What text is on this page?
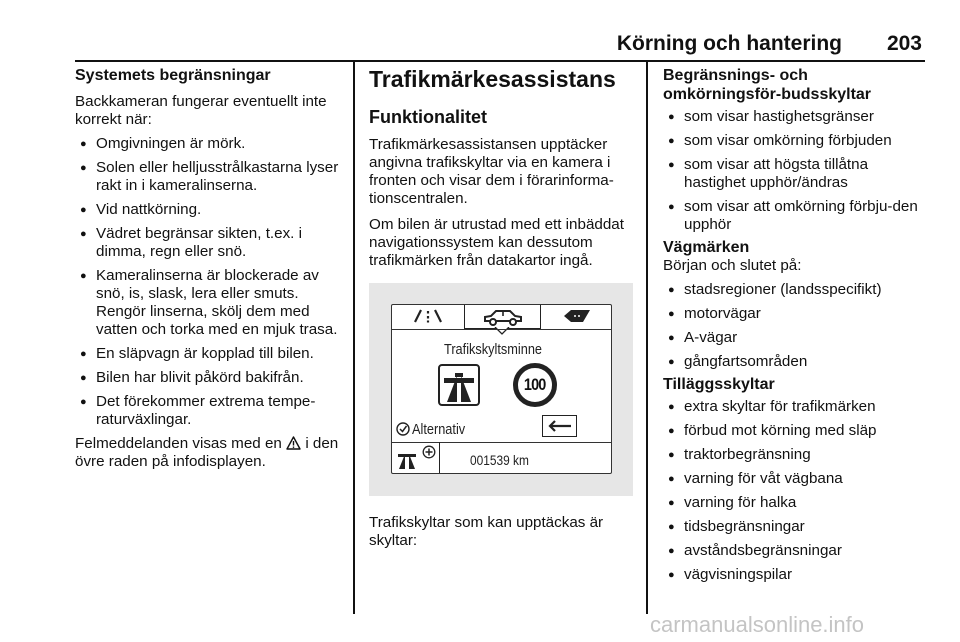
Körning och hantering 203
Systemets begränsningar

Backkameran fungerar eventuellt inte korrekt när:

● Omgivningen är mörk.
● Solen eller helljusstrålkastarna lyser rakt in i kameralinserna.
● Vid nattkörning.
● Vädret begränsar sikten, t.ex. i dimma, regn eller snö.
● Kameralinserna är blockerade av snö, is, slask, lera eller smuts. Rengör linserna, skölj dem med vatten och torka med en mjuk trasa.
● En släpvagn är kopplad till bilen.
● Bilen har blivit påkörd bakifrån.
● Det förekommer extrema tempe-raturväxlingar.

Felmeddelanden visas med en i den övre raden på infodisplayen.

Trafikmärkesassistans
Funktionalitet

Trafikmärkesassistansen upptäcker angivna trafikskyltar via en kamera i fronten och visar dem i förarinforma-tionscentralen.

Om bilen är utrustad med ett inbäddat navigationssystem kan dessutom trafikmärken från datakartor ingå.

Trafikskyltsminne
100
Alternativ
001539 km

Trafikskyltar som kan upptäckas är skyltar:

Begränsnings- och omkörningsför-budsskyltar
● som visar hastighetsgränser
● som visar omkörning förbjuden
● som visar att högsta tillåtna hastighet upphör/ändras
● som visar att omkörning förbju-den upphör
Vägmärken

Början och slutet på:

● stadsregioner (landsspecifikt)
● motorvägar
● A-vägar
● gångfartsområden
Tilläggsskyltar
● extra skyltar för trafikmärken
● förbud mot körning med släp
● traktorbegränsning
● varning för våt vägbana
● varning för halka
● tidsbegränsningar
● avståndsbegränsningar
● vägvisningspilar
carmanualsonline.info
